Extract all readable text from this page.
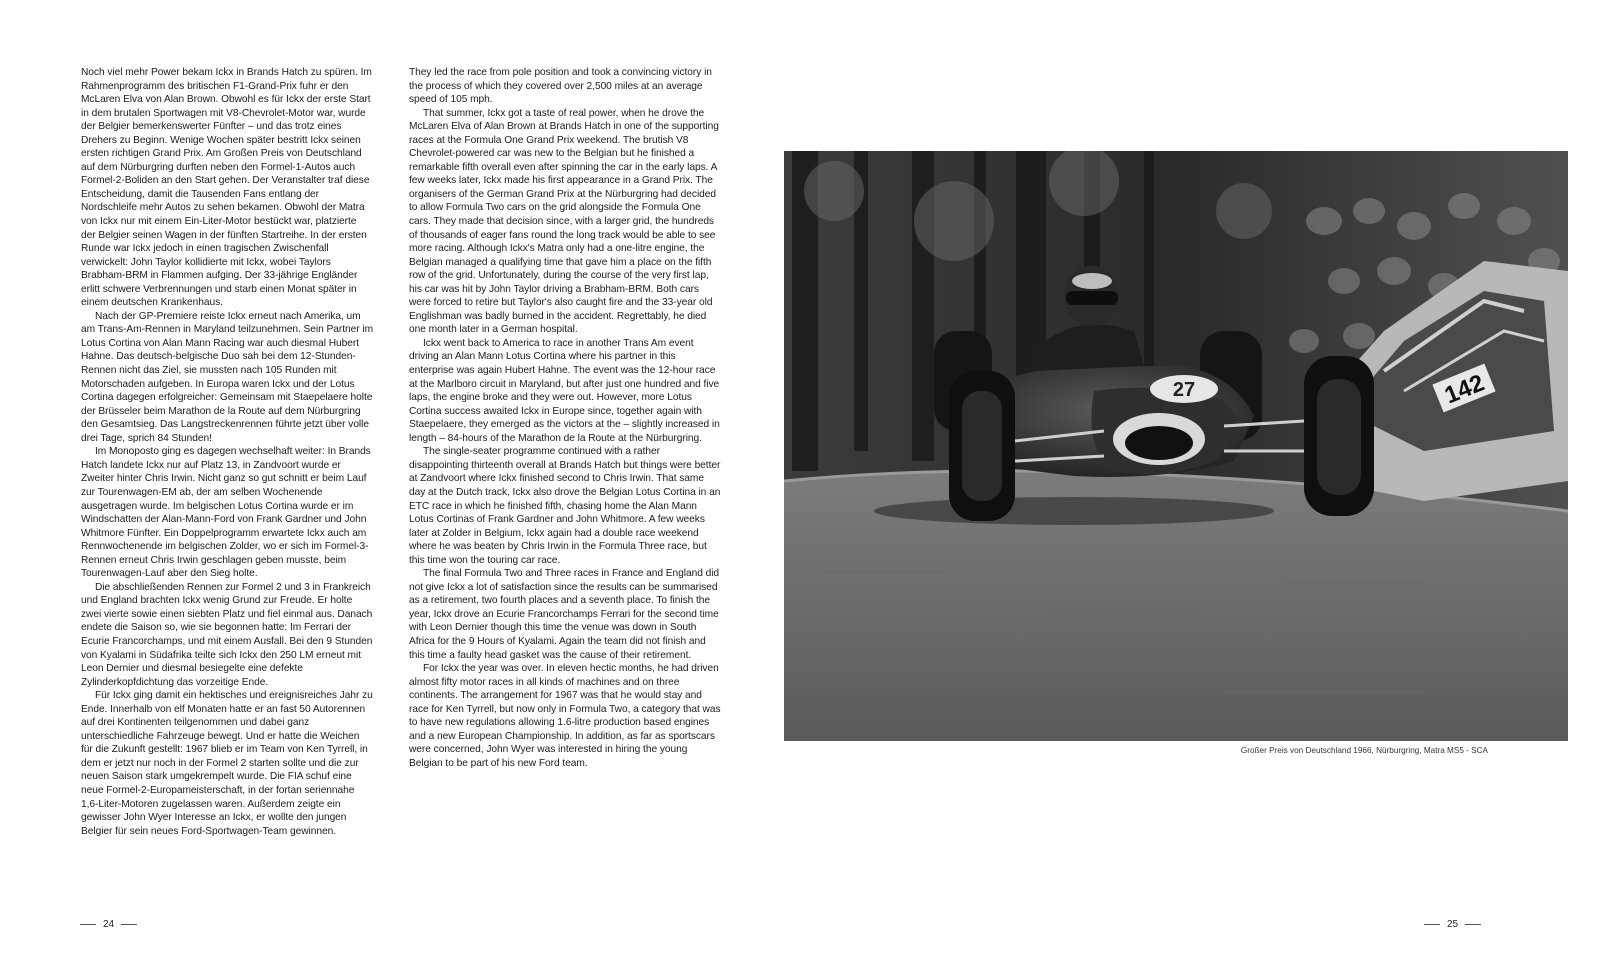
Noch viel mehr Power bekam Ickx in Brands Hatch zu spüren. Im Rahmenprogramm des britischen F1-Grand-Prix fuhr er den McLaren Elva von Alan Brown. Obwohl es für Ickx der erste Start in dem brutalen Sportwagen mit V8-Chevrolet-Motor war, wurde der Belgier bemerkenswerter Fünfter – und das trotz eines Drehers zu Beginn. Wenige Wochen später bestritt Ickx seinen ersten richtigen Grand Prix. Am Großen Preis von Deutschland auf dem Nürburgring durften neben den Formel-1-Autos auch Formel-2-Boliden an den Start gehen. Der Veranstalter traf diese Entscheidung, damit die Tausenden Fans entlang der Nordschleife mehr Autos zu sehen bekamen. Obwohl der Matra von Ickx nur mit einem Ein-Liter-Motor bestückt war, platzierte der Belgier seinen Wagen in der fünften Startreihe. In der ersten Runde war Ickx jedoch in einen tragischen Zwischenfall verwickelt: John Taylor kollidierte mit Ickx, wobei Taylors Brabham-BRM in Flammen aufging. Der 33-jährige Engländer erlitt schwere Verbrennungen und starb einen Monat später in einem deutschen Krankenhaus.

Nach der GP-Premiere reiste Ickx erneut nach Amerika, um am Trans-Am-Rennen in Maryland teilzunehmen. Sein Partner im Lotus Cortina von Alan Mann Racing war auch diesmal Hubert Hahne. Das deutsch-belgische Duo sah bei dem 12-Stunden-Rennen nicht das Ziel, sie mussten nach 105 Runden mit Motorschaden aufgeben. In Europa waren Ickx und der Lotus Cortina dagegen erfolgreicher: Gemeinsam mit Staepelaere holte der Brüsseler beim Marathon de la Route auf dem Nürburgring den Gesamtsieg. Das Langstreckenrennen führte jetzt über volle drei Tage, sprich 84 Stunden!

Im Monoposto ging es dagegen wechselhaft weiter: In Brands Hatch landete Ickx nur auf Platz 13, in Zandvoort wurde er Zweiter hinter Chris Irwin. Nicht ganz so gut schnitt er beim Lauf zur Tourenwagen-EM ab, der am selben Wochenende ausgetragen wurde. Im belgischen Lotus Cortina wurde er im Windschatten der Alan-Mann-Ford von Frank Gardner und John Whitmore Fünfter. Ein Doppelprogramm erwartete Ickx auch am Rennwochenende im belgischen Zolder, wo er sich im Formel-3-Rennen erneut Chris Irwin geschlagen geben musste, beim Tourenwagen-Lauf aber den Sieg holte.

Die abschließenden Rennen zur Formel 2 und 3 in Frankreich und England brachten Ickx wenig Grund zur Freude. Er holte zwei vierte sowie einen siebten Platz und fiel einmal aus. Danach endete die Saison so, wie sie begonnen hatte: Im Ferrari der Ecurie Francorchamps, und mit einem Ausfall. Bei den 9 Stunden von Kyalami in Südafrika teilte sich Ickx den 250 LM erneut mit Leon Dernier und diesmal besiegelte eine defekte Zylinderkopfdichtung das vorzeitige Ende.

Für Ickx ging damit ein hektisches und ereignisreiches Jahr zu Ende. Innerhalb von elf Monaten hatte er an fast 50 Autorennen auf drei Kontinenten teilgenommen und dabei ganz unterschiedliche Fahrzeuge bewegt. Und er hatte die Weichen für die Zukunft gestellt: 1967 blieb er im Team von Ken Tyrrell, in dem er jetzt nur noch in der Formel 2 starten sollte und die zur neuen Saison stark umgekrempelt wurde. Die FIA schuf eine neue Formel-2-Europameisterschaft, in der fortan seriennahe 1,6-Liter-Motoren zugelassen waren. Außerdem zeigte ein gewisser John Wyer Interesse an Ickx, er wollte den jungen Belgier für sein neues Ford-Sportwagen-Team gewinnen.

They led the race from pole position and took a convincing victory in the process of which they covered over 2,500 miles at an average speed of 105 mph.

That summer, Ickx got a taste of real power, when he drove the McLaren Elva of Alan Brown at Brands Hatch in one of the supporting races at the Formula One Grand Prix weekend. The brutish V8 Chevrolet-powered car was new to the Belgian but he finished a remarkable fifth overall even after spinning the car in the early laps. A few weeks later, Ickx made his first appearance in a Grand Prix. The organisers of the German Grand Prix at the Nürburgring had decided to allow Formula Two cars on the grid alongside the Formula One cars. They made that decision since, with a larger grid, the hundreds of thousands of eager fans round the long track would be able to see more racing. Although Ickx's Matra only had a one-litre engine, the Belgian managed a qualifying time that gave him a place on the fifth row of the grid. Unfortunately, during the course of the very first lap, his car was hit by John Taylor driving a Brabham-BRM. Both cars were forced to retire but Taylor's also caught fire and the 33-year old Englishman was badly burned in the accident. Regrettably, he died one month later in a German hospital.

Ickx went back to America to race in another Trans Am event driving an Alan Mann Lotus Cortina where his partner in this enterprise was again Hubert Hahne. The event was the 12-hour race at the Marlboro circuit in Maryland, but after just one hundred and five laps, the engine broke and they were out. However, more Lotus Cortina success awaited Ickx in Europe since, together again with Staepelaere, they emerged as the victors at the – slightly increased in length – 84-hours of the Marathon de la Route at the Nürburgring.

The single-seater programme continued with a rather disappointing thirteenth overall at Brands Hatch but things were better at Zandvoort where Ickx finished second to Chris Irwin. That same day at the Dutch track, Ickx also drove the Belgian Lotus Cortina in an ETC race in which he finished fifth, chasing home the Alan Mann Lotus Cortinas of Frank Gardner and John Whitmore. A few weeks later at Zolder in Belgium, Ickx again had a double race weekend where he was beaten by Chris Irwin in the Formula Three race, but this time won the touring car race.

The final Formula Two and Three races in France and England did not give Ickx a lot of satisfaction since the results can be summarised as a retirement, two fourth places and a seventh place. To finish the year, Ickx drove an Ecurie Francorchamps Ferrari for the second time with Leon Dernier though this time the venue was down in South Africa for the 9 Hours of Kyalami. Again the team did not finish and this time a faulty head gasket was the cause of their retirement.

For Ickx the year was over. In eleven hectic months, he had driven almost fifty motor races in all kinds of machines and on three continents. The arrangement for 1967 was that he would stay and race for Ken Tyrrell, but now only in Formula Two, a category that was to have new regulations allowing 1.6-litre production based engines and a new European Championship. In addition, as far as sportscars were concerned, John Wyer was interested in hiring the young Belgian to be part of his new Ford team.

142
27
Großer Preis von Deutschland 1966, Nürburgring, Matra MS5 - SCA
24	25
